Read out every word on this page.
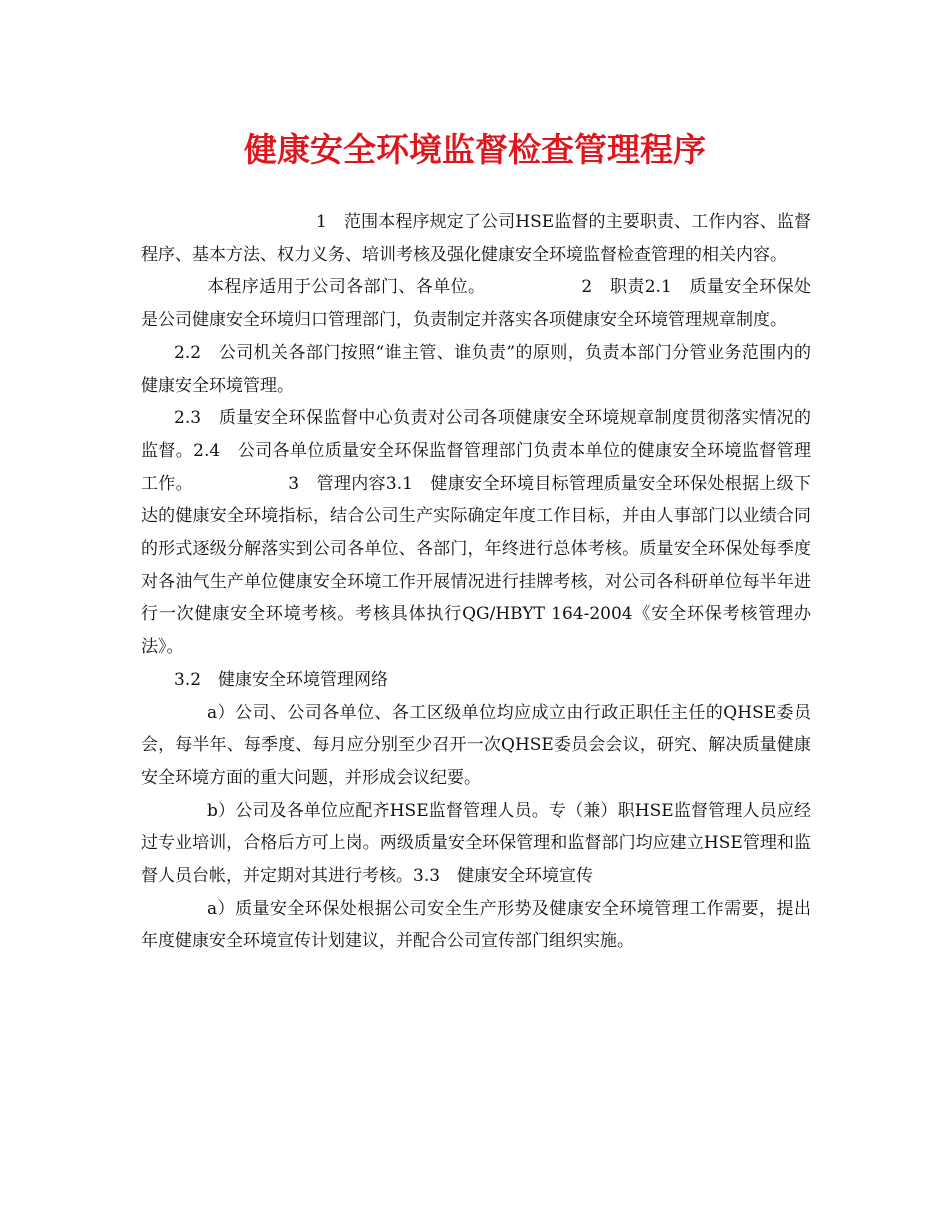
健康安全环境监督检查管理程序

1　范围本程序规定了公司HSE监督的主要职责、工作内容、监督程序、基本方法、权力义务、培训考核及强化健康安全环境监督检查管理的相关内容。

本程序适用于公司各部门、各单位。　　　　　　2　职责2.1　质量安全环保处是公司健康安全环境归口管理部门，负责制定并落实各项健康安全环境管理规章制度。

2.2　公司机关各部门按照“谁主管、谁负责”的原则，负责本部门分管业务范围内的健康安全环境管理。

2.3　质量安全环保监督中心负责对公司各项健康安全环境规章制度贯彻落实情况的监督。2.4　公司各单位质量安全环保监督管理部门负责本单位的健康安全环境监督管理工作。　　　　　　3　管理内容3.1　健康安全环境目标管理质量安全环保处根据上级下达的健康安全环境指标，结合公司生产实际确定年度工作目标，并由人事部门以业绩合同的形式逐级分解落实到公司各单位、各部门，年终进行总体考核。质量安全环保处每季度对各油气生产单位健康安全环境工作开展情况进行挂牌考核，对公司各科研单位每半年进行一次健康安全环境考核。考核具体执行QG/HBYT 164-2004《安全环保考核管理办法》。

3.2　健康安全环境管理网络

a）公司、公司各单位、各工区级单位均应成立由行政正职任主任的QHSE委员会，每半年、每季度、每月应分别至少召开一次QHSE委员会会议，研究、解决质量健康安全环境方面的重大问题，并形成会议纪要。

b）公司及各单位应配齐HSE监督管理人员。专（兼）职HSE监督管理人员应经过专业培训，合格后方可上岗。两级质量安全环保管理和监督部门均应建立HSE管理和监督人员台帐，并定期对其进行考核。3.3　健康安全环境宣传

a）质量安全环保处根据公司安全生产形势及健康安全环境管理工作需要，提出年度健康安全环境宣传计划建议，并配合公司宣传部门组织实施。
